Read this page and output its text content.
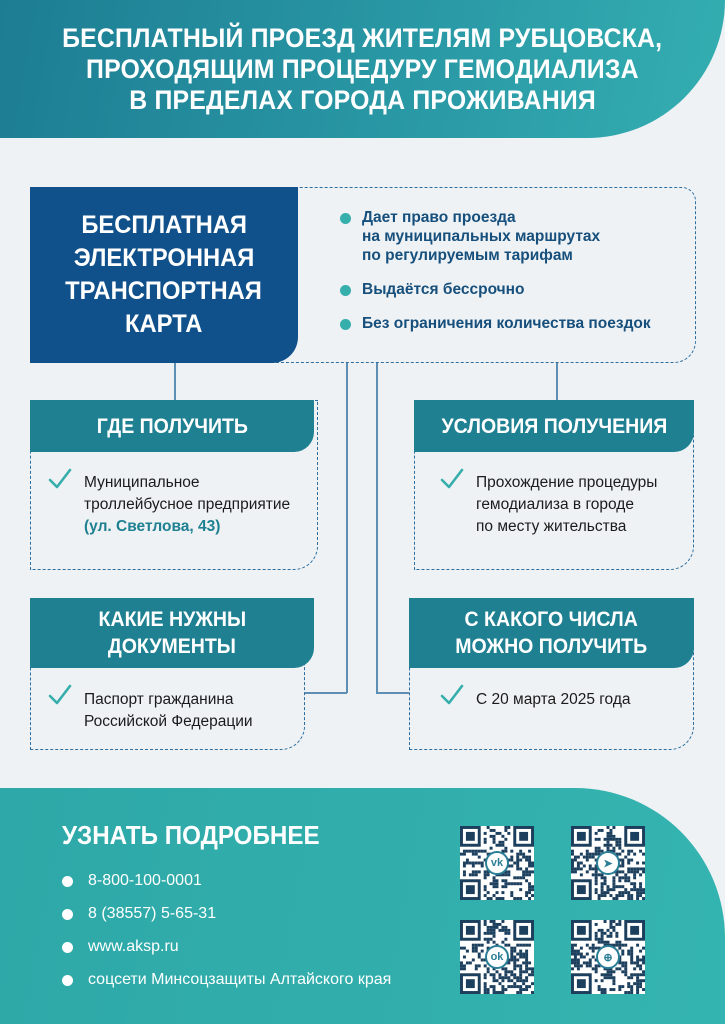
БЕСПЛАТНЫЙ ПРОЕЗД ЖИТЕЛЯМ РУБЦОВСКА,
ПРОХОДЯЩИМ ПРОЦЕДУРУ ГЕМОДИАЛИЗА
В ПРЕДЕЛАХ ГОРОДА ПРОЖИВАНИЯ
БЕСПЛАТНАЯ
ЭЛЕКТРОННАЯ
ТРАНСПОРТНАЯ
КАРТА
Дает право проезда
на муниципальных маршрутах
по регулируемым тарифам
Выдаётся бессрочно
Без ограничения количества поездок
ГДЕ ПОЛУЧИТЬ
Муниципальное
троллейбусное предприятие
(ул. Светлова, 43)
УСЛОВИЯ ПОЛУЧЕНИЯ
Прохождение процедуры
гемодиализа в городе
по месту жительства
КАКИЕ НУЖНЫ
ДОКУМЕНТЫ
Паспорт гражданина
Российской Федерации
С КАКОГО ЧИСЛА
МОЖНО ПОЛУЧИТЬ
С 20 марта 2025 года
УЗНАТЬ ПОДРОБНЕЕ
8-800-100-0001
8 (38557) 5-65-31
www.aksp.ru
соцсети Минсоцзащиты Алтайского края
vk	➤
ok	⊕
